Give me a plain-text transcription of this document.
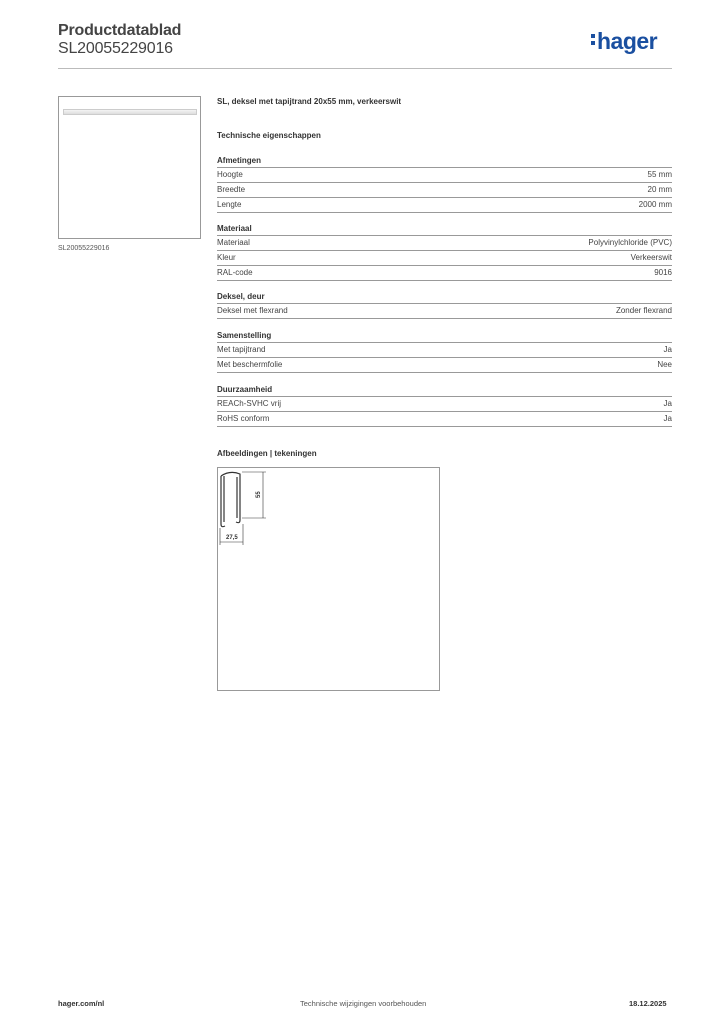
Productdatablad
SL20055229016	hager
SL20055229016
SL, deksel met tapijtrand 20x55 mm, verkeerswit
Technische eigenschappen
Afmetingen
Hoogte	55 mm
Breedte	20 mm
Lengte	2000 mm
Materiaal
Materiaal	Polyvinylchloride (PVC)
Kleur	Verkeerswit
RAL-code	9016
Deksel, deur
Deksel met flexrand	Zonder flexrand
Samenstelling
Met tapijtrand	Ja
Met beschermfolie	Nee
Duurzaamheid
REACh-SVHC vrij	Ja
RoHS conform	Ja
Afbeeldingen | tekeningen
55
27,5
hager.com/nl	Technische wijzigingen voorbehouden	18.12.2025
